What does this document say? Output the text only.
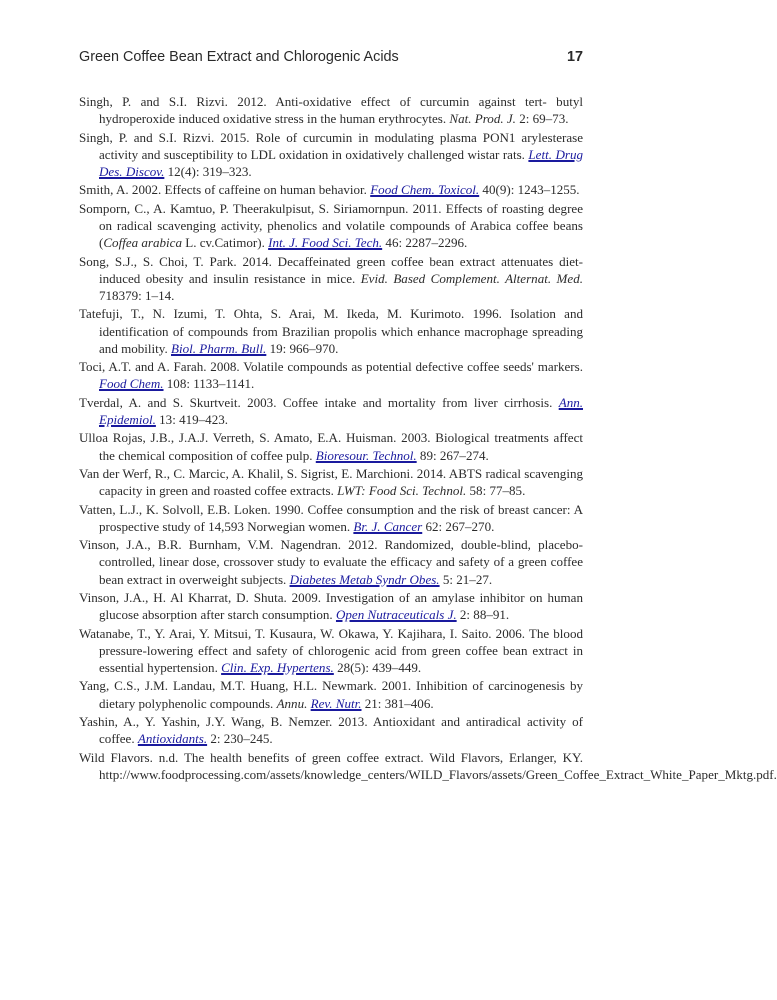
Green Coffee Bean Extract and Chlorogenic Acids	17

Singh, P. and S.I. Rizvi. 2012. Anti-oxidative effect of curcumin against tert- butyl hydroperoxide induced oxidative stress in the human erythrocytes. Nat. Prod. J. 2: 69–73.

Singh, P. and S.I. Rizvi. 2015. Role of curcumin in modulating plasma PON1 arylesterase activity and susceptibility to LDL oxidation in oxidatively challenged wistar rats. Lett. Drug Des. Discov. 12(4): 319–323.

Smith, A. 2002. Effects of caffeine on human behavior. Food Chem. Toxicol. 40(9): 1243–1255.

Somporn, C., A. Kamtuo, P. Theerakulpisut, S. Siriamornpun. 2011. Effects of roasting degree on radical scavenging activity, phenolics and volatile compounds of Arabica coffee beans (Coffea arabica L. cv.Catimor). Int. J. Food Sci. Tech. 46: 2287–2296.

Song, S.J., S. Choi, T. Park. 2014. Decaffeinated green coffee bean extract attenuates diet-induced obesity and insulin resistance in mice. Evid. Based Complement. Alternat. Med. 718379: 1–14.

Tatefuji, T., N. Izumi, T. Ohta, S. Arai, M. Ikeda, M. Kurimoto. 1996. Isolation and identification of compounds from Brazilian propolis which enhance macrophage spreading and mobility. Biol. Pharm. Bull. 19: 966–970.

Toci, A.T. and A. Farah. 2008. Volatile compounds as potential defective coffee seeds' markers. Food Chem. 108: 1133–1141.

Tverdal, A. and S. Skurtveit. 2003. Coffee intake and mortality from liver cirrhosis. Ann. Epidemiol. 13: 419–423.

Ulloa Rojas, J.B., J.A.J. Verreth, S. Amato, E.A. Huisman. 2003. Biological treatments affect the chemical composition of coffee pulp. Bioresour. Technol. 89: 267–274.

Van der Werf, R., C. Marcic, A. Khalil, S. Sigrist, E. Marchioni. 2014. ABTS radical scavenging capacity in green and roasted coffee extracts. LWT: Food Sci. Technol. 58: 77–85.

Vatten, L.J., K. Solvoll, E.B. Loken. 1990. Coffee consumption and the risk of breast cancer: A prospective study of 14,593 Norwegian women. Br. J. Cancer 62: 267–270.

Vinson, J.A., B.R. Burnham, V.M. Nagendran. 2012. Randomized, double-blind, placebo-controlled, linear dose, crossover study to evaluate the efficacy and safety of a green coffee bean extract in overweight subjects. Diabetes Metab Syndr Obes. 5: 21–27.

Vinson, J.A., H. Al Kharrat, D. Shuta. 2009. Investigation of an amylase inhibitor on human glucose absorption after starch consumption. Open Nutraceuticals J. 2: 88–91.

Watanabe, T., Y. Arai, Y. Mitsui, T. Kusaura, W. Okawa, Y. Kajihara, I. Saito. 2006. The blood pressure-lowering effect and safety of chlorogenic acid from green coffee bean extract in essential hypertension. Clin. Exp. Hypertens. 28(5): 439–449.

Yang, C.S., J.M. Landau, M.T. Huang, H.L. Newmark. 2001. Inhibition of carcinogenesis by dietary polyphenolic compounds. Annu. Rev. Nutr. 21: 381–406.

Yashin, A., Y. Yashin, J.Y. Wang, B. Nemzer. 2013. Antioxidant and antiradical activity of coffee. Antioxidants. 2: 230–245.

Wild Flavors. n.d. The health benefits of green coffee extract. Wild Flavors, Erlanger, KY. http://www.foodprocessing.com/assets/knowledge_centers/WILD_Flavors/assets/Green_Coffee_Extract_White_Paper_Mktg.pdf.
